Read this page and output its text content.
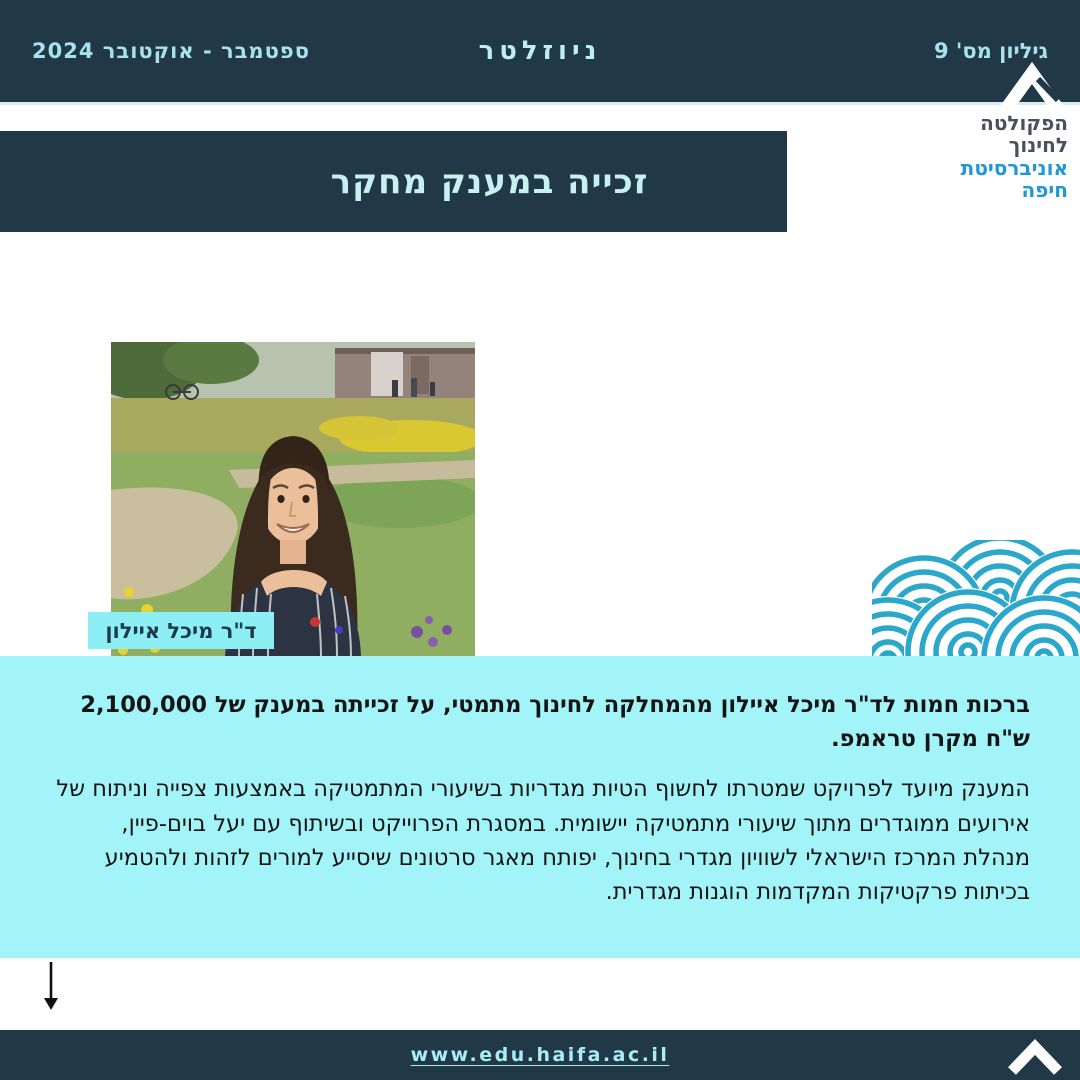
גיליון מס' 9
ניוזלטר
ספטמבר - אוקטובר 2024
הפקולטה
לחינוך
אוניברסיטת
חיפה
זכייה במענק מחקר
ד"ר מיכל איילון

ברכות חמות לד"ר מיכל איילון מהמחלקה לחינוך מתמטי, על זכייתה במענק של 2,100,000 ש"ח מקרן טראמפ.

המענק מיועד לפרויקט שמטרתו לחשוף הטיות מגדריות בשיעורי המתמטיקה באמצעות צפייה וניתוח של אירועים ממוגדרים מתוך שיעורי מתמטיקה יישומית. במסגרת הפרוייקט ובשיתוף עם יעל בוים-פיין, מנהלת המרכז הישראלי לשוויון מגדרי בחינוך, יפותח מאגר סרטונים שיסייע למורים לזהות ולהטמיע בכיתות פרקטיקות המקדמות הוגנות מגדרית.

www.edu.haifa.ac.il
